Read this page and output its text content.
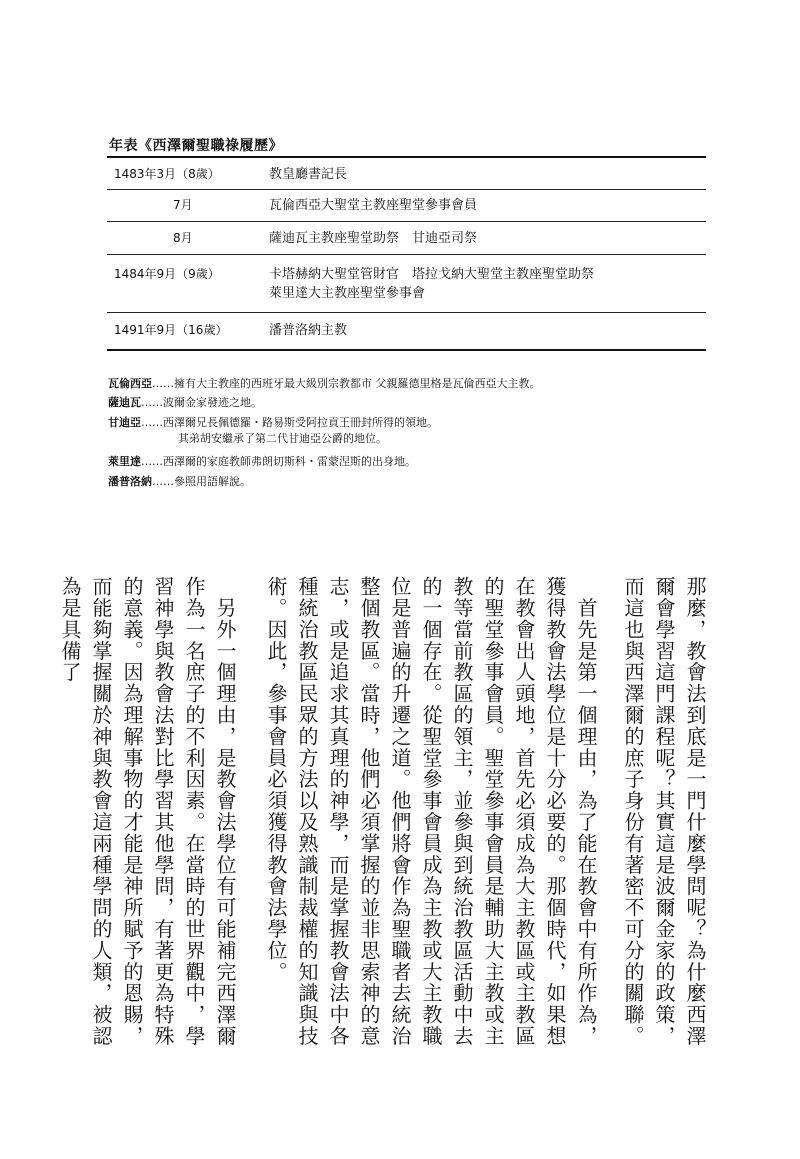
年表《西澤爾聖職祿履歷》
1483年3月（8歲）	教皇廳書記長
7月	瓦倫西亞大聖堂主教座聖堂參事會員
8月	薩迪瓦主教座聖堂助祭　甘迪亞司祭
1484年9月（9歲）	卡塔赫納大聖堂管財官　塔拉戈納大聖堂主教座聖堂助祭
萊里達大主教座聖堂參事會
1491年9月（16歲）	潘普洛納主教
瓦倫西亞……擁有大主教座的西班牙最大級別宗教都市 父親羅德里格是瓦倫西亞大主教。
薩迪瓦……波爾金家發迹之地。
甘迪亞……西澤爾兄長佩德羅・路易斯受阿拉貢王冊封所得的領地。
其弟胡安繼承了第二代甘迪亞公爵的地位。
萊里達……西澤爾的家庭教師弗朗切斯科・雷蒙涅斯的出身地。
潘普洛納……參照用語解說。
那麼，教會法到底是一門什麼學問呢？為什麼西澤爾會學習這門課程呢？其實這是波爾金家的政策，而這也與西澤爾的庶子身份有著密不可分的關聯。
　首先是第一個理由，為了能在教會中有所作為，獲得教會法學位是十分必要的。那個時代，如果想在教會出人頭地，首先必須成為大主教區或主教區的聖堂參事會員。聖堂參事會員是輔助大主教或主教等當前教區的領主，並參與到統治教區活動中去的一個存在。從聖堂參事會員成為主教或大主教職位是普遍的升遷之道。他們將會作為聖職者去統治整個教區。當時，他們必須掌握的並非思索神的意志，或是追求其真理的神學，而是掌握教會法中各種統治教區民眾的方法以及熟識制裁權的知識與技術。因此，參事會員必須獲得教會法學位。
　另外一個理由，是教會法學位有可能補完西澤爾作為一名庶子的不利因素。在當時的世界觀中，學習神學與教會法對比學習其他學問，有著更為特殊的意義。因為理解事物的才能是神所賦予的恩賜，而能夠掌握關於神與教會這兩種學問的人類，被認為是具備了
